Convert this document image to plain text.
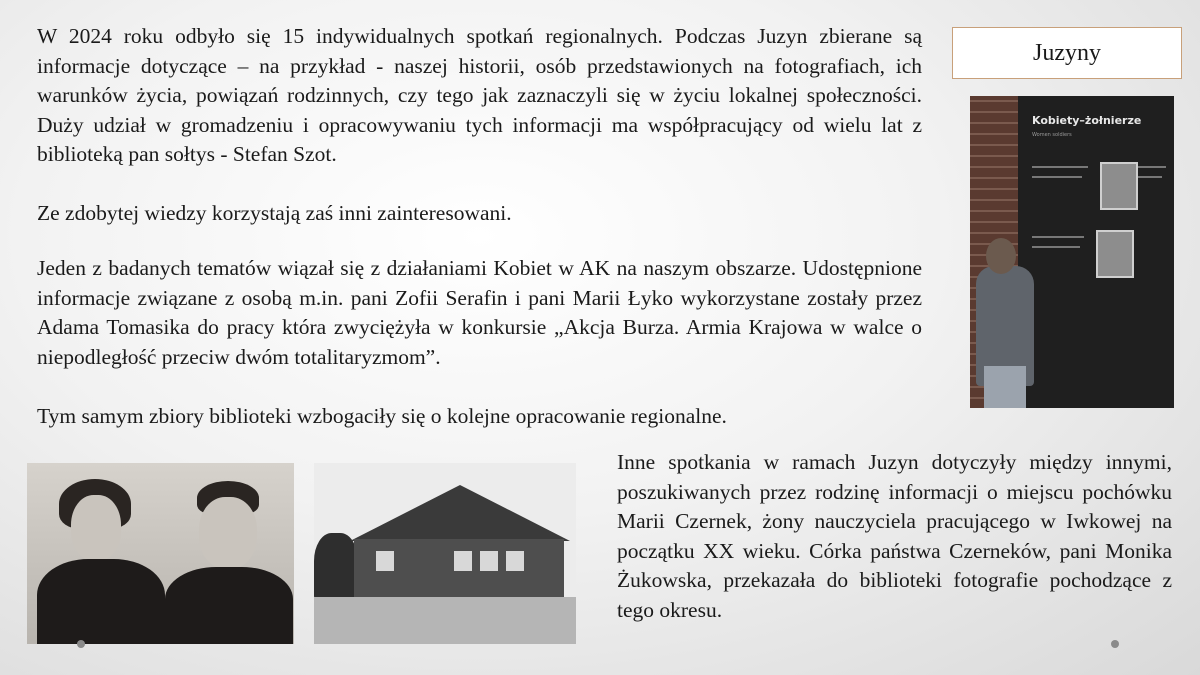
Juzyny

W 2024 roku odbyło się 15 indywidualnych spotkań regionalnych. Podczas Juzyn zbierane są informacje dotyczące – na przykład - naszej historii, osób przedstawionych na fotografiach, ich warunków życia, powiązań rodzinnych, czy tego jak zaznaczyli się w życiu lokalnej społeczności. Duży udział w gromadzeniu i opracowywaniu tych informacji ma współpracujący od wielu lat z biblioteką pan sołtys - Stefan Szot.

Ze zdobytej wiedzy korzystają zaś inni zainteresowani.

Jeden z badanych tematów wiązał się z działaniami Kobiet w AK na naszym obszarze. Udostępnione informacje związane z osobą m.in. pani Zofii Serafin i pani Marii Łyko wykorzystane zostały przez Adama Tomasika do pracy która zwyciężyła w konkursie „Akcja Burza. Armia Krajowa w walce o niepodległość przeciw dwóm totalitaryzmom”.

Tym samym zbiory biblioteki wzbogaciły się o kolejne opracowanie regionalne.

Inne spotkania w ramach Juzyn dotyczyły między innymi, poszukiwanych przez rodzinę informacji o miejscu pochówku Marii Czernek, żony nauczyciela pracującego w Iwkowej na początku XX wieku. Córka państwa Czerneków, pani Monika Żukowska, przekazała do biblioteki fotografie pochodzące z tego okresu.

Kobiety–żołnierze
Women soldiers
